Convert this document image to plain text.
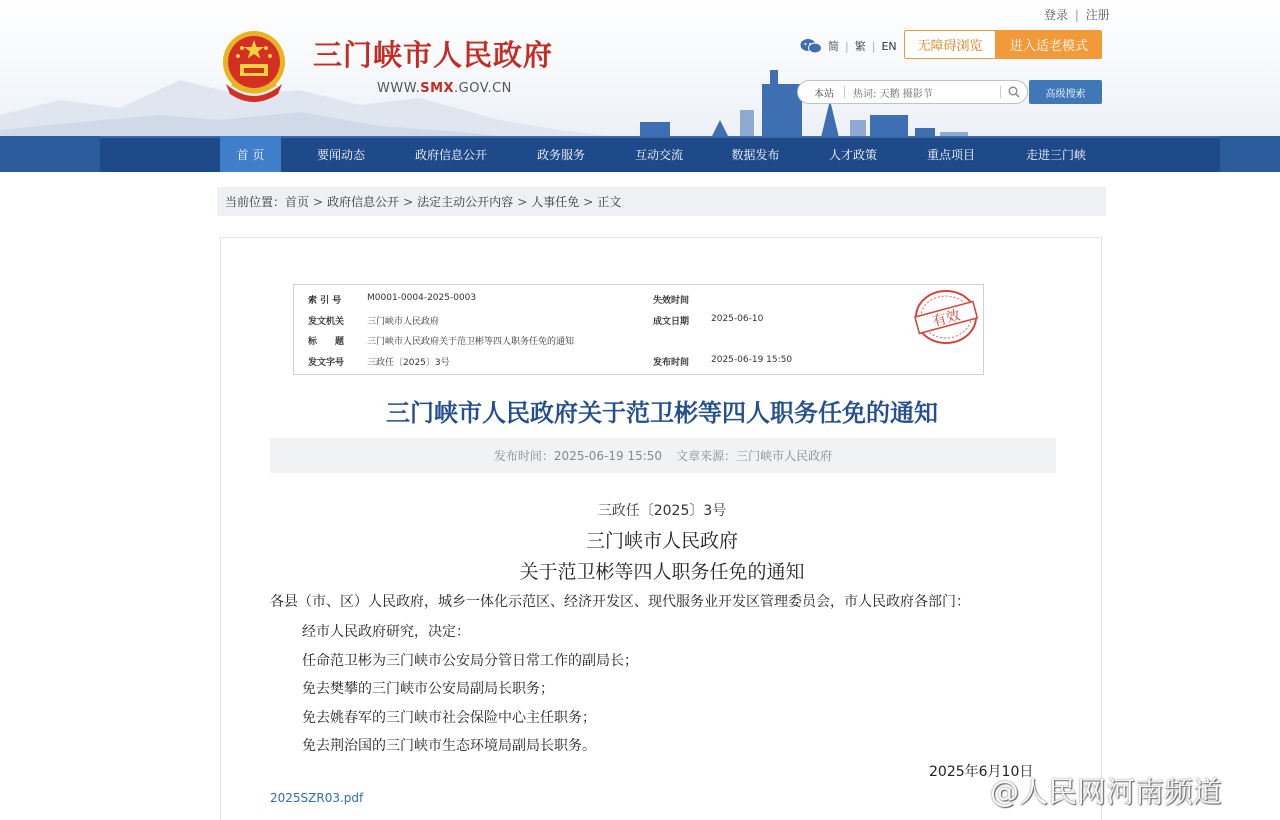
三门峡市人民政府
WWW.SMX.GOV.CN
登录 | 注册
简 | 繁 | EN	无障碍浏览	进入适老模式
本站	热词: 天鹅 摄影节	高级搜索
首 页	要闻动态	政府信息公开	政务服务	互动交流	数据发布	人才政策	重点项目	走进三门峡
当前位置： 首页 > 政府信息公开 > 法定主动公开内容 > 人事任免 > 正文
索 引 号	M0001-0004-2025-0003	失效时间
发文机关	三门峡市人民政府	成文日期 2025-06-10
标　　题	三门峡市人民政府关于范卫彬等四人职务任免的通知
发文字号	三政任〔2025〕3号	发布时间 2025-06-19 15:50
有效
三门峡市人民政府关于范卫彬等四人职务任免的通知
发布时间：2025-06-19 15:50 文章来源：三门峡市人民政府
三政任〔2025〕3号
三门峡市人民政府
关于范卫彬等四人职务任免的通知
各县（市、区）人民政府，城乡一体化示范区、经济开发区、现代服务业开发区管理委员会，市人民政府各部门：
经市人民政府研究，决定：
任命范卫彬为三门峡市公安局分管日常工作的副局长；
免去樊攀的三门峡市公安局副局长职务；
免去姚春军的三门峡市社会保险中心主任职务；
免去荆治国的三门峡市生态环境局副局长职务。
2025年6月10日
2025SZR03.pdf	@人民网河南频道
